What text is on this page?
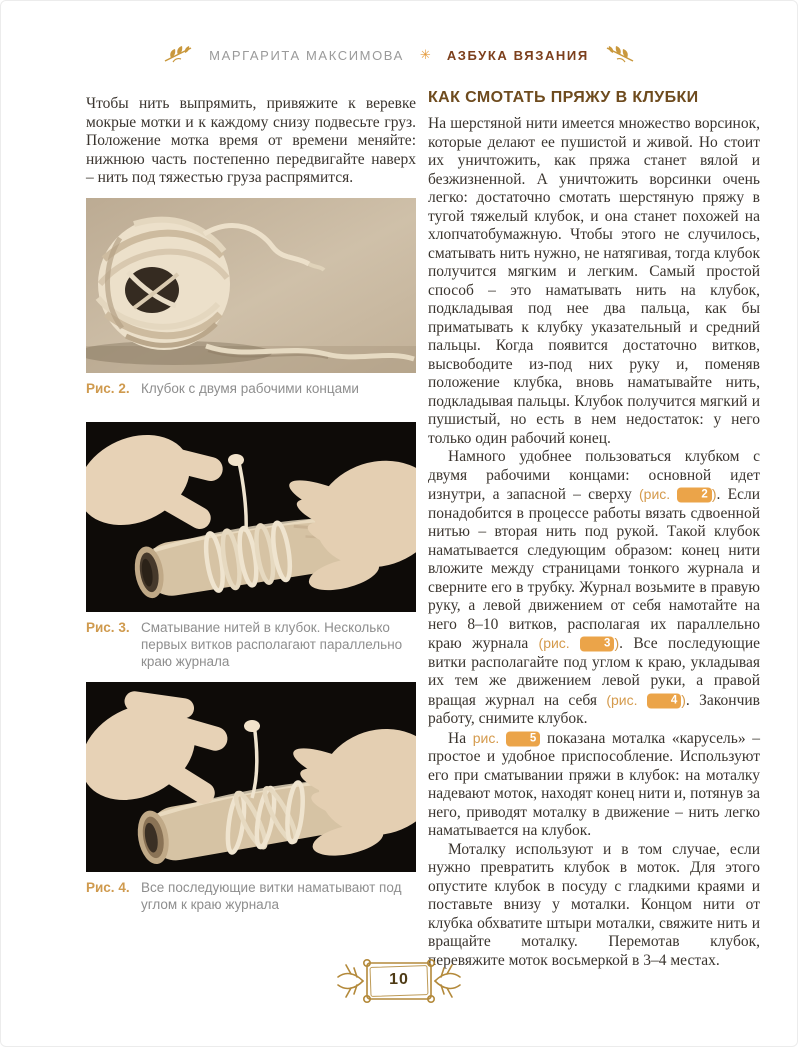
МАРГАРИТА МАКСИМОВА ✳ АЗБУКА ВЯЗАНИЯ

Чтобы нить выпрямить, привяжите к веревке мокрые мотки и к каждому снизу подвесьте груз. Положение мотка время от времени меняйте: нижнюю часть постепенно передвигайте наверх – нить под тяжестью груза распрямится.

Рис. 2. Клубок с двумя рабочими концами
Рис. 3. Сматывание нитей в клубок. Несколько первых витков располагают параллельно краю журнала
Рис. 4. Все последующие витки наматывают под углом к краю журнала
КАК СМОТАТЬ ПРЯЖУ В КЛУБКИ

На шерстяной нити имеется множество ворсинок, которые делают ее пушистой и живой. Но стоит их уничтожить, как пряжа станет вялой и безжизненной. А уничтожить ворсинки очень легко: достаточно смотать шерстяную пряжу в тугой тяжелый клубок, и она станет похожей на хлопчатобумажную. Чтобы этого не случилось, сматывать нить нужно, не натягивая, тогда клубок получится мягким и легким. Самый простой способ – это наматывать нить на клубок, подкладывая под нее два пальца, как бы приматывать к клубку указательный и средний пальцы. Когда появится достаточно витков, высвободите из-под них руку и, поменяв положение клубка, вновь наматывайте нить, подкладывая пальцы. Клубок получится мягкий и пушистый, но есть в нем недостаток: у него только один рабочий конец.

Намного удобнее пользоваться клубком с двумя рабочими концами: основной идет изнутри, а запасной – сверху (рис. 2 ). Если понадобится в процессе работы вязать сдвоенной нитью – вторая нить под рукой. Такой клубок наматывается следующим образом: конец нити вложите между страницами тонкого журнала и сверните его в трубку. Журнал возьмите в правую руку, а левой движением от себя намотайте на него 8–10 витков, располагая их параллельно краю журнала (рис. 3 ). Все последующие витки располагайте под углом к краю, укладывая их тем же движением левой руки, а правой вращая журнал на себя (рис. 4 ). Закончив работу, снимите клубок.

На рис. 5 показана моталка «карусель» – простое и удобное приспособление. Используют его при сматывании пряжи в клубок: на моталку надевают моток, находят конец нити и, потянув за него, приводят моталку в движение – нить легко наматывается на клубок.

Моталку используют и в том случае, если нужно превратить клубок в моток. Для этого опустите клубок в посуду с гладкими краями и поставьте внизу у моталки. Концом нити от клубка обхватите штыри моталки, свяжите нить и вращайте моталку. Перемотав клубок, перевяжите моток восьмеркой в 3–4 местах.

10
